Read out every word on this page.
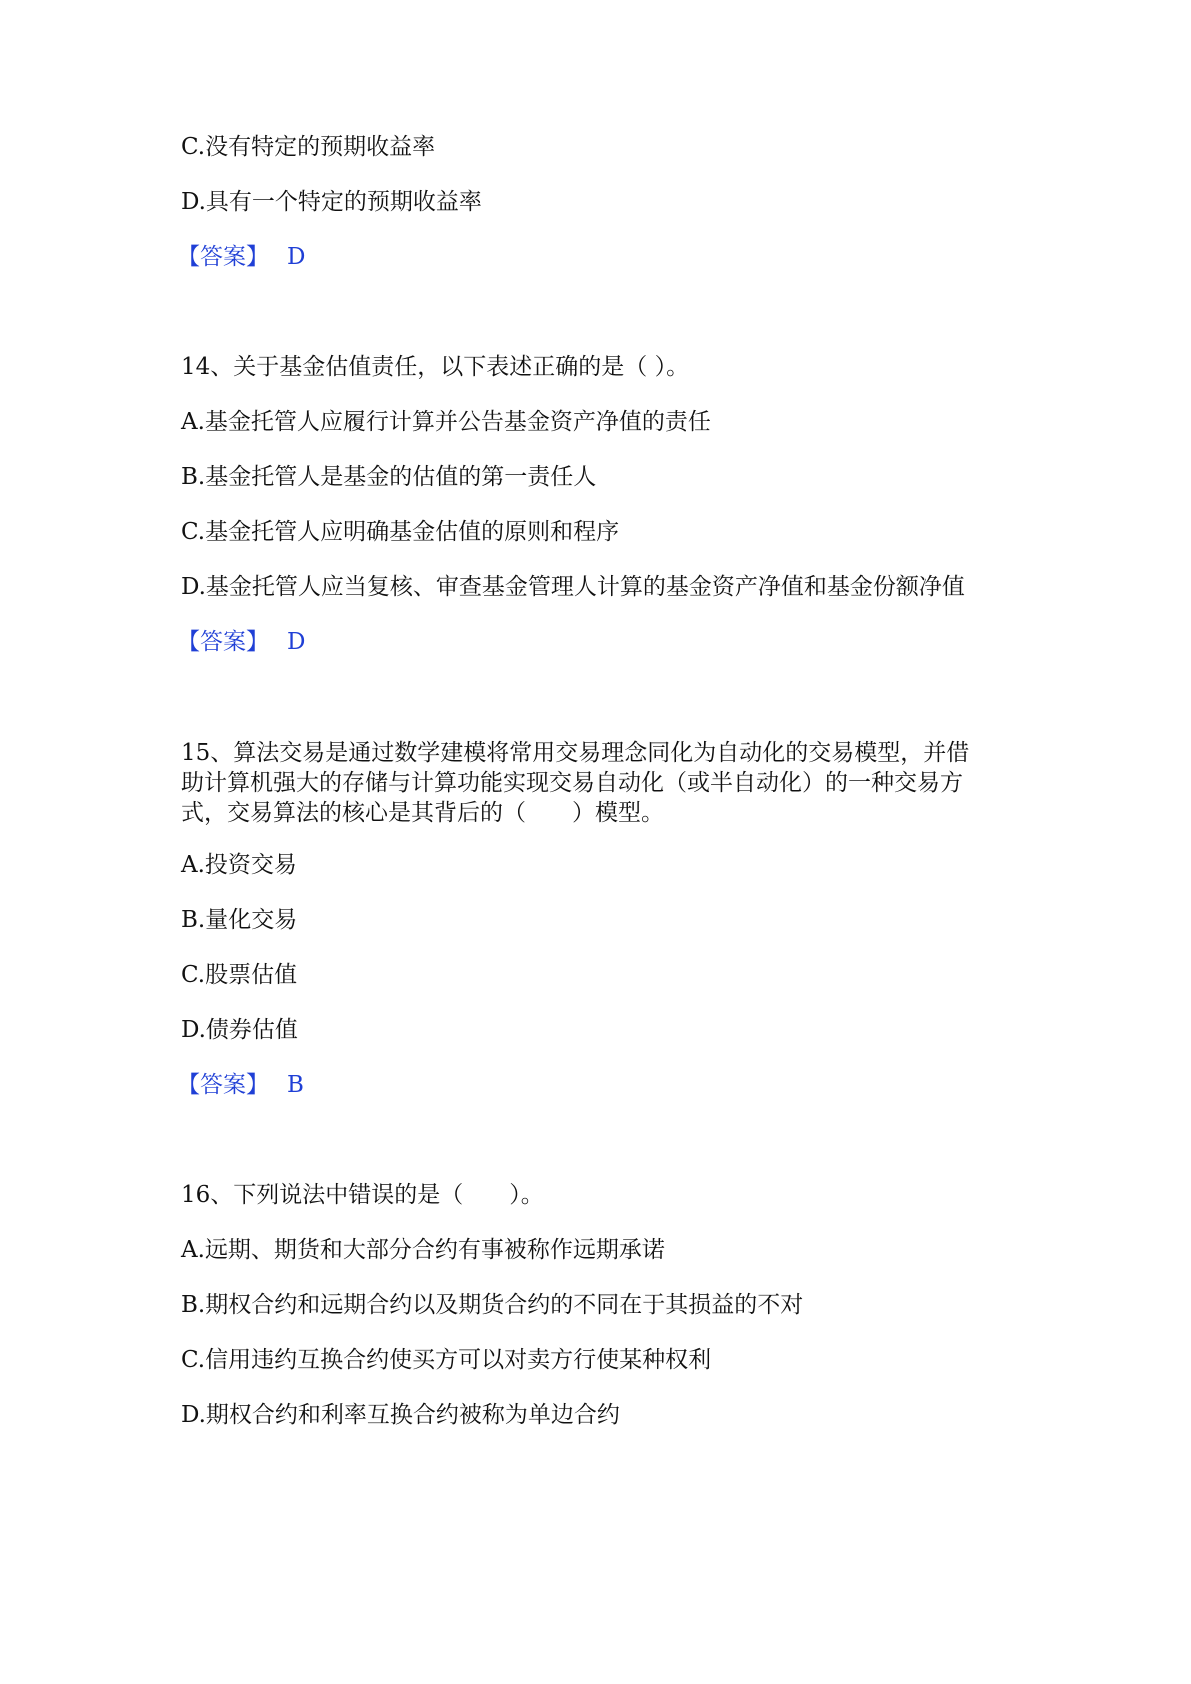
C.没有特定的预期收益率
D.具有一个特定的预期收益率
【答案】 D
14、关于基金估值责任，以下表述正确的是（ ）。
A.基金托管人应履行计算并公告基金资产净值的责任
B.基金托管人是基金的估值的第一责任人
C.基金托管人应明确基金估值的原则和程序
D.基金托管人应当复核、审查基金管理人计算的基金资产净值和基金份额净值
【答案】 D
15、算法交易是通过数学建模将常用交易理念同化为自动化的交易模型，并借
助计算机强大的存储与计算功能实现交易自动化（或半自动化）的一种交易方
式，交易算法的核心是其背后的（　　）模型。
A.投资交易
B.量化交易
C.股票估值
D.债券估值
【答案】 B
16、下列说法中错误的是（　　）。
A.远期、期货和大部分合约有事被称作远期承诺
B.期权合约和远期合约以及期货合约的不同在于其损益的不对
C.信用违约互换合约使买方可以对卖方行使某种权利
D.期权合约和利率互换合约被称为单边合约
